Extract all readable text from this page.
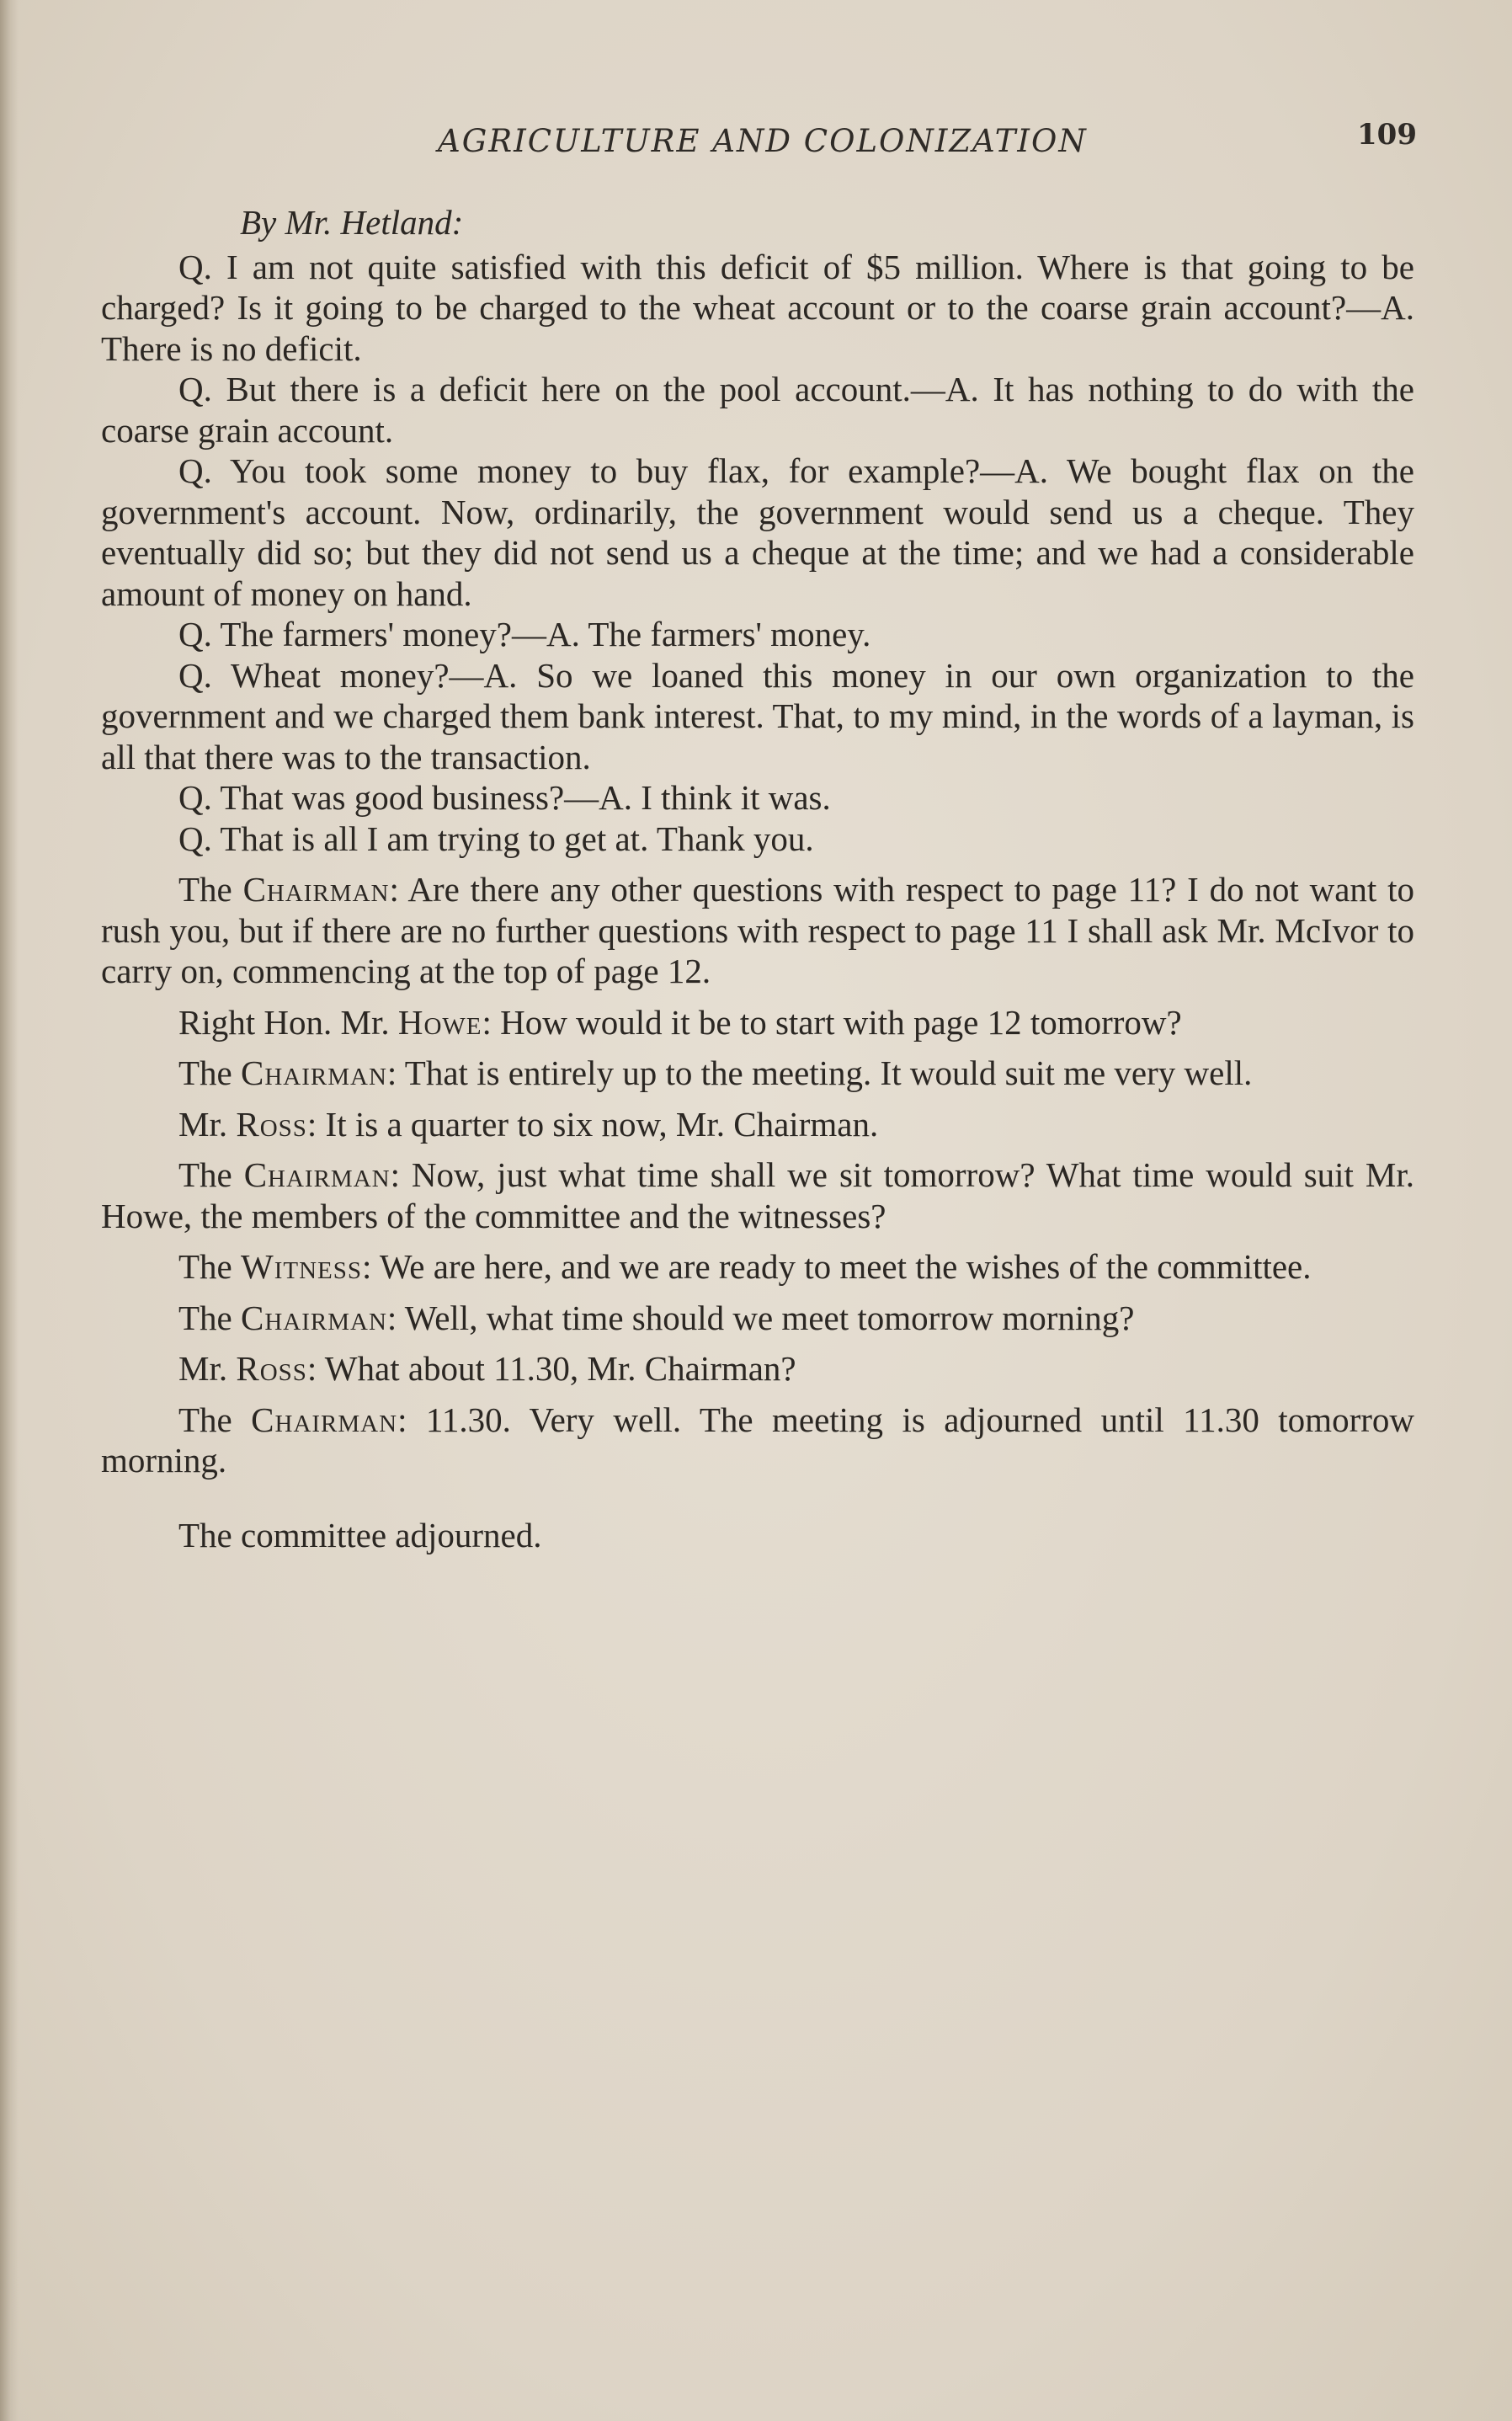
AGRICULTURE AND COLONIZATION	109

By Mr. Hetland:

Q. I am not quite satisfied with this deficit of $5 million. Where is that going to be charged? Is it going to be charged to the wheat account or to the coarse grain account?—A. There is no deficit.

Q. But there is a deficit here on the pool account.—A. It has nothing to do with the coarse grain account.

Q. You took some money to buy flax, for example?—A. We bought flax on the government's account. Now, ordinarily, the government would send us a cheque. They eventually did so; but they did not send us a cheque at the time; and we had a considerable amount of money on hand.

Q. The farmers' money?—A. The farmers' money.

Q. Wheat money?—A. So we loaned this money in our own organization to the government and we charged them bank interest. That, to my mind, in the words of a layman, is all that there was to the transaction.

Q. That was good business?—A. I think it was.

Q. That is all I am trying to get at. Thank you.

The Chairman: Are there any other questions with respect to page 11? I do not want to rush you, but if there are no further questions with respect to page 11 I shall ask Mr. McIvor to carry on, commencing at the top of page 12.

Right Hon. Mr. Howe: How would it be to start with page 12 tomorrow?

The Chairman: That is entirely up to the meeting. It would suit me very well.

Mr. Ross: It is a quarter to six now, Mr. Chairman.

The Chairman: Now, just what time shall we sit tomorrow? What time would suit Mr. Howe, the members of the committee and the witnesses?

The Witness: We are here, and we are ready to meet the wishes of the committee.

The Chairman: Well, what time should we meet tomorrow morning?

Mr. Ross: What about 11.30, Mr. Chairman?

The Chairman: 11.30. Very well. The meeting is adjourned until 11.30 tomorrow morning.

The committee adjourned.
